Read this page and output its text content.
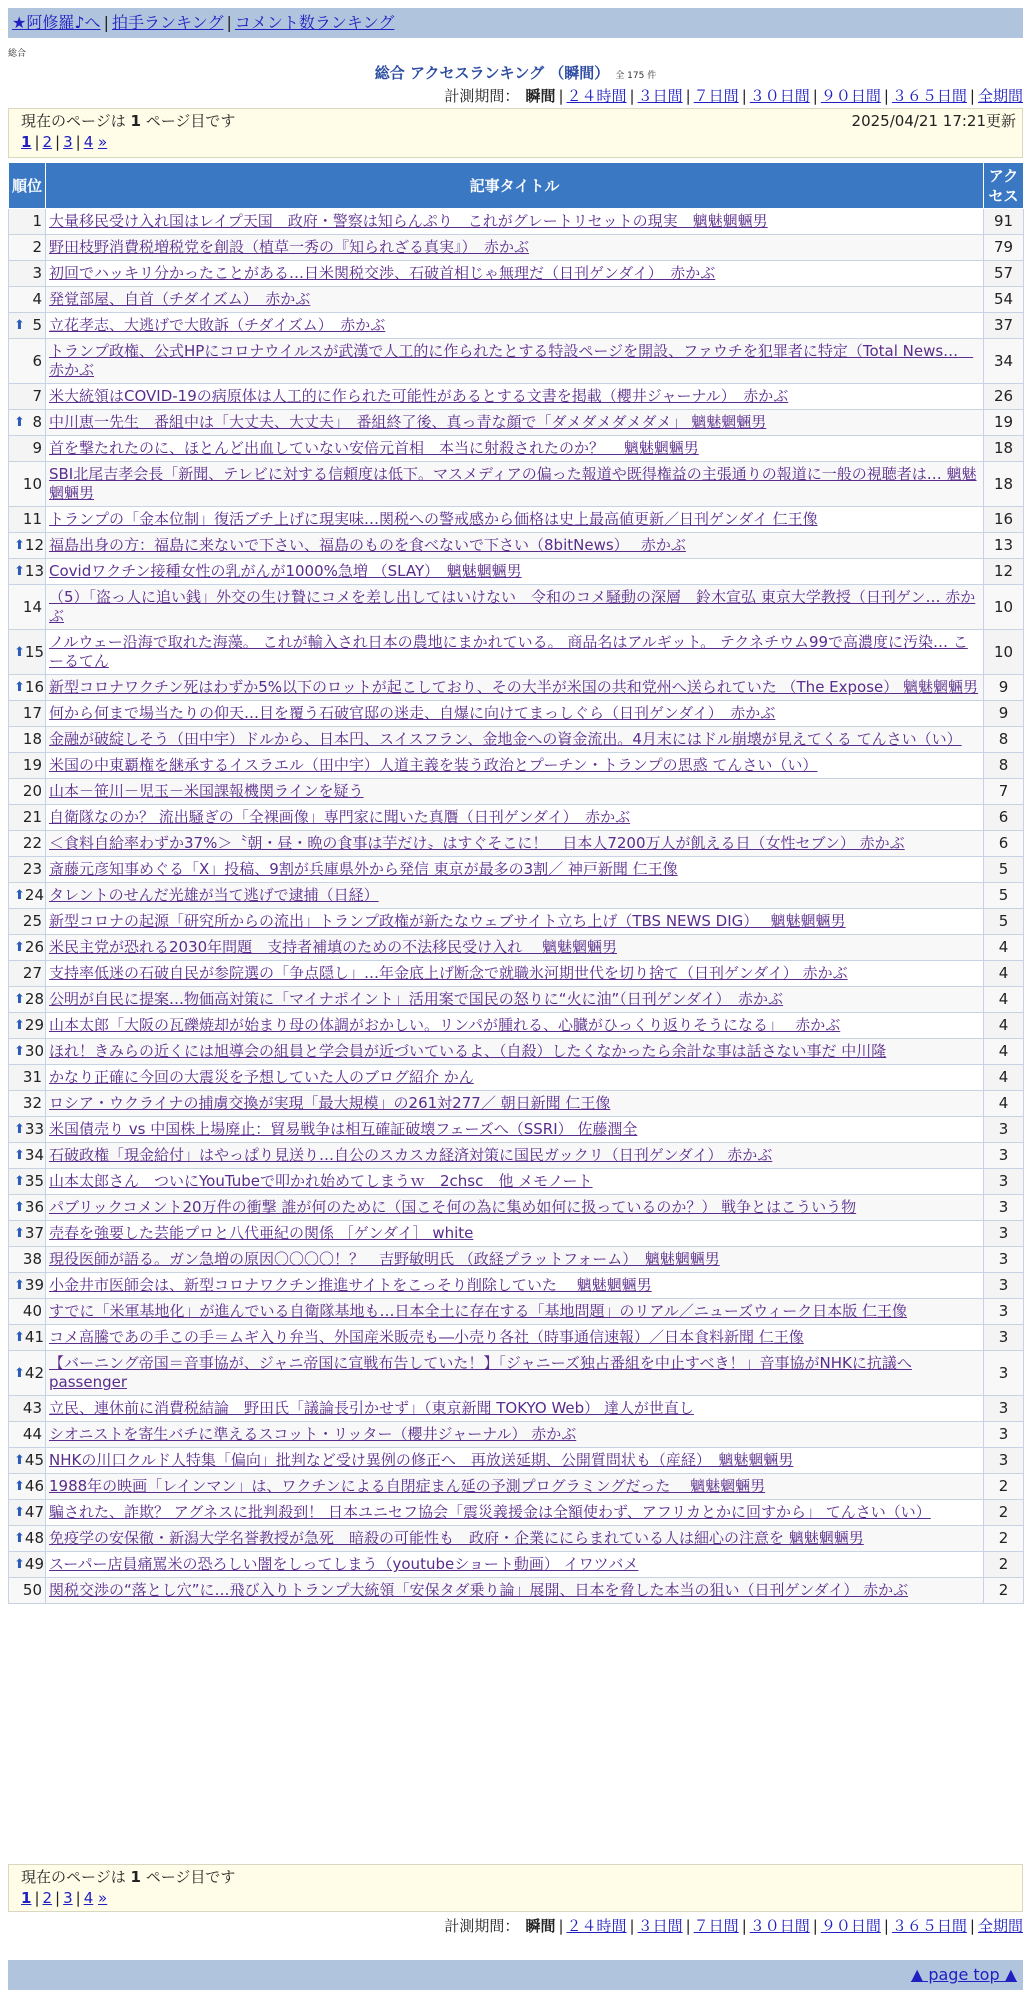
★阿修羅♪へ | 拍手ランキング | コメント数ランキング
総合
総合 アクセスランキング （瞬間） 全 175 件
計測期間： 瞬間 | ２４時間 | ３日間 | ７日間 | ３０日間 | ９０日間 | ３６５日間 | 全期間
現在のページは 1 ページ目です	2025/04/21 17:21更新
1 | 2 | 3 | 4 »
順位	記事タイトル	アクセス
1	大量移民受け入れ国はレイプ天国　政府・警察は知らんぷり　これがグレートリセットの現実　魑魅魍魎男	91
2	野田枝野消費税増税党を創設（植草一秀の『知られざる真実』）　赤かぶ	79
3	初回でハッキリ分かったことがある…日米関税交渉、石破首相じゃ無理だ（日刊ゲンダイ）　赤かぶ	57
4	発覚部屋、自首（チダイズム）　赤かぶ	54

⬆ 5	立花孝志、大逃げで大敗訴（チダイズム）　赤かぶ	37
6	トランプ政権、公式HPにコロナウイルスが武漢で人工的に作られたとする特設ページを開設、ファウチを犯罪者に特定（Total News…　赤かぶ	34
7	米大統領はCOVID-19の病原体は人工的に作られた可能性があるとする文書を掲載（櫻井ジャーナル）　赤かぶ	26

⬆ 8	中川恵一先生　番組中は「大丈夫、大丈夫」　番組終了後、真っ青な顔で「ダメダメダメダメ」 魑魅魍魎男	19
9	首を撃たれたのに、ほとんど出血していない安倍元首相　本当に射殺されたのか？　 魑魅魍魎男	18
10	SBI北尾吉孝会長「新聞、テレビに対する信頼度は低下。マスメディアの偏った報道や既得権益の主張通りの報道に一般の視聴者は… 魑魅魍魎男	18
11	トランプの「金本位制」復活ブチ上げに現実味…関税への警戒感から価格は史上最高値更新／日刊ゲンダイ 仁王像	16

⬆ 12	福島出身の方：福島に来ないで下さい、福島のものを食べないで下さい（8bitNews）　 赤かぶ	13

⬆ 13	Covidワクチン接種女性の乳がんが1000%急増 （SLAY）　魑魅魍魎男	12
14	（5）「盗っ人に追い銭」外交の生け贄にコメを差し出してはいけない　令和のコメ騒動の深層　鈴木宣弘 東京大学教授（日刊ゲン… 赤かぶ	10

⬆ 15	ノルウェー沿海で取れた海藻。 これが輸入され日本の農地にまかれている。 商品名はアルギット。 テクネチウム99で高濃度に汚染… こーるてん	10

⬆ 16	新型コロナワクチン死はわずか5%以下のロットが起こしており、その大半が米国の共和党州へ送られていた （The Expose） 魑魅魍魎男	9
17	何から何まで場当たりの仰天…目を覆う石破官邸の迷走、自爆に向けてまっしぐら（日刊ゲンダイ）　赤かぶ	9
18	金融が破綻しそう（田中宇）ドルから、日本円、スイスフラン、金地金への資金流出。4月末にはドル崩壊が見えてくる てんさい（い）	8
19	米国の中東覇権を継承するイスラエル（田中宇）人道主義を装う政治とプーチン・トランプの思惑 てんさい（い）	8
20	山本－笹川－児玉－米国課報機関ラインを疑う	7
21	自衛隊なのか？ 流出騒ぎの「全裸画像」専門家に聞いた真贋（日刊ゲンダイ）　赤かぶ	6
22	＜食料自給率わずか37%＞〝朝・昼・晩の食事は芋だけ〟はすぐそこに！　日本人7200万人が飢える日（女性セブン） 赤かぶ	6
23	斎藤元彦知事めぐる「X」投稿、9割が兵庫県外から発信 東京が最多の3割／ 神戸新聞 仁王像	5

⬆ 24	タレントのせんだ光雄が当て逃げで逮捕（日経）	5
25	新型コロナの起源「研究所からの流出」トランプ政権が新たなウェブサイト立ち上げ（TBS NEWS DIG）　 魑魅魍魎男	5

⬆ 26	米民主党が恐れる2030年問題　支持者補填のための不法移民受け入れ　 魑魅魍魎男	4
27	支持率低迷の石破自民が参院選の「争点隠し」…年金底上げ断念で就職氷河期世代を切り捨て（日刊ゲンダイ） 赤かぶ	4

⬆ 28	公明が自民に提案…物価高対策に「マイナポイント」活用案で国民の怒りに“火に油”（日刊ゲンダイ）　赤かぶ	4

⬆ 29	山本太郎「大阪の瓦礫焼却が始まり母の体調がおかしい。リンパが腫れる、心臓がひっくり返りそうになる」　 赤かぶ	4

⬆ 30	ほれ！きみらの近くには旭導会の組員と学会員が近づいているよ、（自殺）したくなかったら余計な事は話さない事だ 中川隆	4
31	かなり正確に今回の大震災を予想していた人のブログ紹介 かん	4
32	ロシア・ウクライナの捕虜交換が実現「最大規模」の261対277／ 朝日新聞 仁王像	4

⬆ 33	米国債売り vs 中国株上場廃止：貿易戦争は相互確証破壊フェーズへ（SSRI） 佐藤潤全	3

⬆ 34	石破政権「現金給付」はやっぱり見送り…自公のスカスカ経済対策に国民ガックリ（日刊ゲンダイ） 赤かぶ	3

⬆ 35	山本太郎さん　ついにYouTubeで叩かれ始めてしまうｗ　2chsc　他 メモノート	3

⬆ 36	パブリックコメント20万件の衝撃 誰が何のために（国こそ何の為に集め如何に扱っているのか？） 戦争とはこういう物	3

⬆ 37	売春を強要した芸能プロと八代亜紀の関係 ［ゲンダイ］ white	3
38	現役医師が語る。ガン急増の原因〇〇〇〇！？　吉野敏明氏 （政経プラットフォーム）　魑魅魍魎男	3

⬆ 39	小金井市医師会は、新型コロナワクチン推進サイトをこっそり削除していた　 魑魅魍魎男	3
40	すでに「米軍基地化」が進んでいる自衛隊基地も…日本全土に存在する「基地問題」のリアル／ニューズウィーク日本版 仁王像	3

⬆ 41	コメ高騰であの手この手＝ムギ入り弁当、外国産米販売も―小売り各社（時事通信速報）／日本食料新聞 仁王像	3

⬆ 42	【バーニング帝国＝音事協が、ジャニ帝国に宣戦布告していた！】「ジャニーズ独占番組を中止すべき！」音事協がNHKに抗議へ passenger	3
43	立民、連休前に消費税結論　野田氏「議論長引かせず」（東京新聞 TOKYO Web） 達人が世直し	3
44	シオニストを寄生バチに準えるスコット・リッター（櫻井ジャーナル） 赤かぶ	3

⬆ 45	NHKの川口クルド人特集「偏向」批判など受け異例の修正へ　再放送延期、公開質問状も（産経）　魑魅魍魎男	3

⬆ 46	1988年の映画「レインマン」は、ワクチンによる自閉症まん延の予測プログラミングだった　 魑魅魍魎男	2

⬆ 47	騙された、詐欺？ アグネスに批判殺到！ 日本ユニセフ協会「震災義援金は全額使わず、アフリカとかに回すから」 てんさい（い）	2

⬆ 48	免疫学の安保徹・新潟大学名誉教授が急死　暗殺の可能性も　政府・企業ににらまれている人は細心の注意を 魑魅魍魎男	2

⬆ 49	スーパー店員痛罵米の恐ろしい闇をしってしまう（youtubeショート動画） イワツバメ	2
50	関税交渉の“落とし穴”に…飛び入りトランプ大統領「安保タダ乗り論」展開、日本を脅した本当の狙い（日刊ゲンダイ） 赤かぶ	2
現在のページは 1 ページ目です
1 | 2 | 3 | 4 »
計測期間： 瞬間 | ２４時間 | ３日間 | ７日間 | ３０日間 | ９０日間 | ３６５日間 | 全期間
▲ page top ▲
